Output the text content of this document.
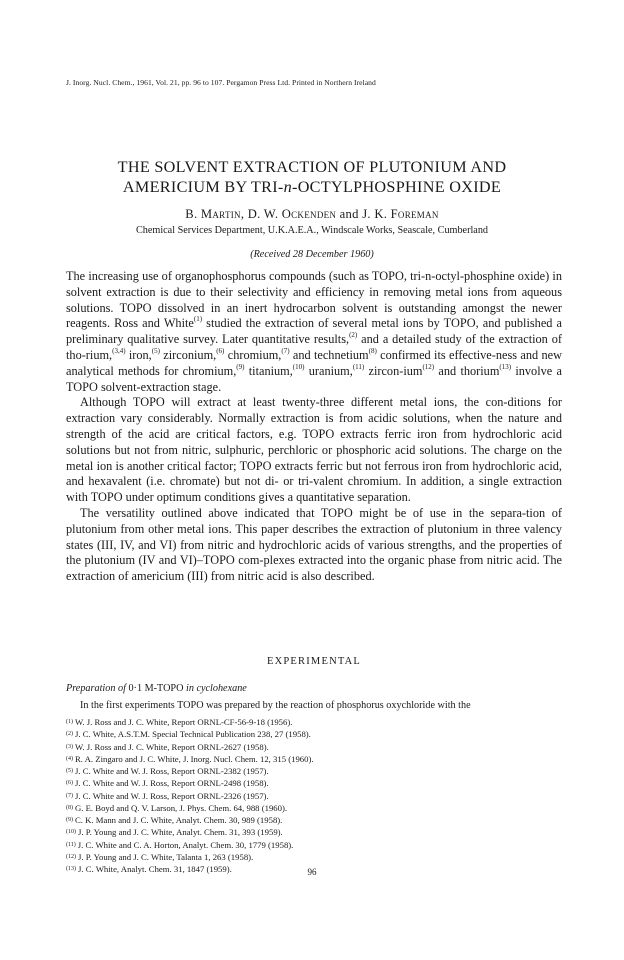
J. Inorg. Nucl. Chem., 1961, Vol. 21, pp. 96 to 107. Pergamon Press Ltd. Printed in Northern Ireland
THE SOLVENT EXTRACTION OF PLUTONIUM AND
AMERICIUM BY TRI-n-OCTYLPHOSPHINE OXIDE
B. Martin, D. W. Ockenden and J. K. Foreman
Chemical Services Department, U.K.A.E.A., Windscale Works, Seascale, Cumberland
(Received 28 December 1960)

The increasing use of organophosphorus compounds (such as TOPO, tri-n-octyl-phosphine oxide) in solvent extraction is due to their selectivity and efficiency in removing metal ions from aqueous solutions. TOPO dissolved in an inert hydrocarbon solvent is outstanding amongst the newer reagents. Ross and White$^{(1)}$ studied the extraction of several metal ions by TOPO, and published a preliminary qualitative survey. Later quantitative results,$^{(2)}$ and a detailed study of the extraction of tho-rium,$^{(3,4)}$ iron,$^{(5)}$ zirconium,$^{(6)}$ chromium,$^{(7)}$ and technetium$^{(8)}$ confirmed its effective-ness and new analytical methods for chromium,$^{(9)}$ titanium,$^{(10)}$ uranium,$^{(11)}$ zircon-ium$^{(12)}$ and thorium$^{(13)}$ involve a TOPO solvent-extraction stage.

Although TOPO will extract at least twenty-three different metal ions, the con-ditions for extraction vary considerably. Normally extraction is from acidic solutions, when the nature and strength of the acid are critical factors, e.g. TOPO extracts ferric iron from hydrochloric acid solutions but not from nitric, sulphuric, perchloric or phosphoric acid solutions. The charge on the metal ion is another critical factor; TOPO extracts ferric but not ferrous iron from hydrochloric acid, and hexavalent (i.e. chromate) but not di- or tri-valent chromium. In addition, a single extraction with TOPO under optimum conditions gives a quantitative separation.

The versatility outlined above indicated that TOPO might be of use in the separa-tion of plutonium from other metal ions. This paper describes the extraction of plutonium in three valency states (III, IV, and VI) from nitric and hydrochloric acids of various strengths, and the properties of the plutonium (IV and VI)–TOPO com-plexes extracted into the organic phase from nitric acid. The extraction of americium (III) from nitric acid is also described.

EXPERIMENTAL
Preparation of 0·1 M-TOPO in cyclohexane
In the first experiments TOPO was prepared by the reaction of phosphorus oxychloride with the
$^{(1)}$ W. J. Ross and J. C. White, Report ORNL-CF-56-9-18 (1956).
$^{(2)}$ J. C. White, A.S.T.M. Special Technical Publication 238, 27 (1958).
$^{(3)}$ W. J. Ross and J. C. White, Report ORNL-2627 (1958).
$^{(4)}$ R. A. Zingaro and J. C. White, J. Inorg. Nucl. Chem. 12, 315 (1960).
$^{(5)}$ J. C. White and W. J. Ross, Report ORNL-2382 (1957).
$^{(6)}$ J. C. White and W. J. Ross, Report ORNL-2498 (1958).
$^{(7)}$ J. C. White and W. J. Ross, Report ORNL-2326 (1957).
$^{(8)}$ G. E. Boyd and Q. V. Larson, J. Phys. Chem. 64, 988 (1960).
$^{(9)}$ C. K. Mann and J. C. White, Analyt. Chem. 30, 989 (1958).
$^{(10)}$ J. P. Young and J. C. White, Analyt. Chem. 31, 393 (1959).
$^{(11)}$ J. C. White and C. A. Horton, Analyt. Chem. 30, 1779 (1958).
$^{(12)}$ J. P. Young and J. C. White, Talanta 1, 263 (1958).
$^{(13)}$ J. C. White, Analyt. Chem. 31, 1847 (1959).	96
